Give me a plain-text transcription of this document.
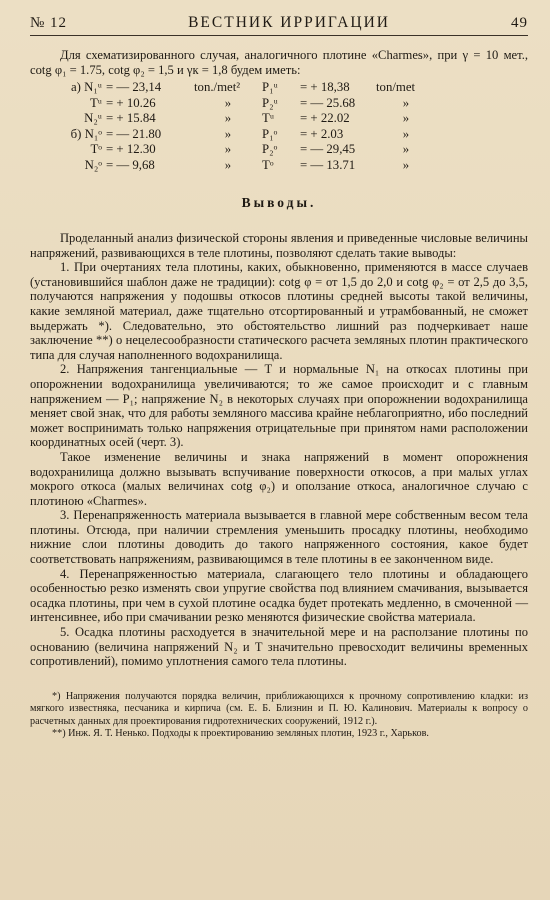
№ 12	ВЕСТНИК ИРРИГАЦИИ	49

Для схематизированного случая, аналогичного плотине «Charmes», при γ = 10 мет., cotg φ₁ = 1.75, cotg φ₂ = 1,5 и γк = 1,8 будем иметь:

а) N₁ᵘ = — 23,14	ton./met²	P₁ᵘ	= + 18,38	ton/met
Tᵘ = + 10.26	»	P₂ᵘ	= — 25.68	»
N₂ᵘ = + 15.84	»	Tᵘ	= + 22.02	»
б) N₁ᵒ = — 21.80	»	P₁ᵒ	= + 2.03	»
Tᵒ = + 12.30	»	P₂ᵒ	= — 29,45	»
N₂ᵒ = — 9,68	»	Tᵒ	= — 13.71	»
Выводы.

Проделанный анализ физической стороны явления и приведенные числовые величины напряжений, развивающихся в теле плотины, позволяют сделать такие выводы:

1. При очертаниях тела плотины, каких, обыкновенно, применяются в массе случаев (установившийся шаблон даже не традиции): cotg φ = от 1,5 до 2,0 и cotg φ₂ = от 2,5 до 3,5, получаются напряжения у подошвы откосов плотины средней высоты такой величины, какие земляной материал, даже тщательно отсортированный и утрамбованный, не сможет выдержать *). Следовательно, это обстоятельство лишний раз подчеркивает наше заключение **) о нецелесообразности статического расчета земляных плотин практического типа для случая наполненного водохранилища.

2. Напряжения тангенциальные — T и нормальные N₁ на откосах плотины при опорожнении водохранилища увеличиваются; то же самое происходит и с главным напряжением — P₁; напряжение N₂ в некоторых случаях при опорожнении водохранилища меняет свой знак, что для работы земляного массива крайне неблагоприятно, ибо последний может воспринимать только напряжения отрицательные при принятом нами расположении координатных осей (черт. 3).

Такое изменение величины и знака напряжений в момент опорожнения водохранилища должно вызывать вспучивание поверхности откосов, а при малых углах мокрого откоса (малых величинах cotg φ₂) и оползание откоса, аналогичное случаю с плотиною «Charmes».

3. Перенапряженность материала вызывается в главной мере собственным весом тела плотины. Отсюда, при наличии стремления уменьшить просадку плотины, необходимо нижние слои плотины доводить до такого напряженного состояния, какое будет соответствовать напряжениям, развивающимся в теле плотины в ее законченном виде.

4. Перенапряженностью материала, слагающего тело плотины и обладающего особенностью резко изменять свои упругие свойства под влиянием смачивания, вызывается осадка плотины, при чем в сухой плотине осадка будет протекать медленно, в смоченной — интенсивнее, ибо при смачивании резко меняются физические свойства материала.

5. Осадка плотины расходуется в значительной мере и на расползание плотины по основанию (величина напряжений N₂ и T значительно превосходит величины временных сопротивлений), помимо уплотнения самого тела плотины.

*) Напряжения получаются порядка величин, приближающихся к прочному сопротивлению кладки: из мягкого известняка, песчаника и кирпича (см. Е. Б. Близнин и П. Ю. Калинович. Материалы к вопросу о расчетных данных для проектирования гидротехнических сооружений, 1912 г.).

**) Инж. Я. Т. Ненько. Подходы к проектированию земляных плотин, 1923 г., Харьков.
